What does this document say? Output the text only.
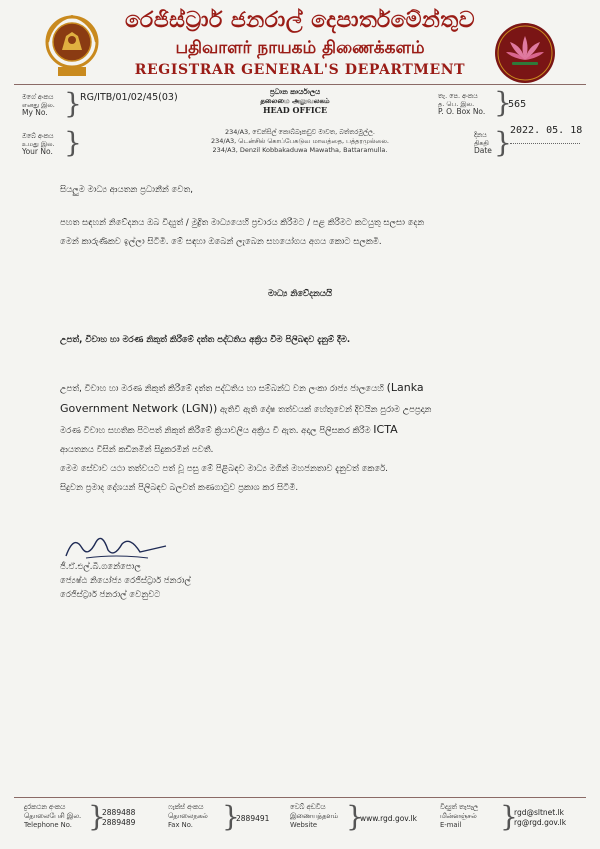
රෙජිස්ට්‍රාර් ජනරාල් දෙපාර්තමේන්තුව
பதிவாளர் நாயகம் திணைக்களம்
REGISTRAR GENERAL'S DEPARTMENT
මගේ අංකය
எனது இல.
My No. }
RG/ITB/01/02/45(03)	ප්‍රධාන කාර්යාලය
தலைமை அலுவலகம்
HEAD OFFICE
234/A3, ඩෙන්සිල් කොබ්බෑකඩුව මාවත, බත්තරමුල්ල.
234/A3, டென்சில் கொப்பேகடுவ மாவத்தை, பத்தரமுல்லை.
234/A3, Denzil Kobbakaduwa Mawatha, Battaramulla.
තැ. පෙ. අංකය
த. பெ. இல.
P. O. Box No. }
565
ඔබේ අංකය
உமது இல.
Your No. }	දිනය
திகதி
Date }
2022. 05. 18
සියලුම මාධ්‍ය ආයතන ප්‍රධානීන් වෙත,
පහත සඳහන් නිවේදනය ඔබ විද්‍යුත් / මුද්‍රිත මාධ්‍යයෙහි ප්‍රචාරය කිරීමට / පළ කිරීමට කටයුතු සලසා දෙන
මෙන් කාරුණිකව ඉල්ලා සිටිමි. මේ සඳහා ඔබෙන් ලැබෙන සහයෝගය අගය කොට සලකමි.
මාධ්‍ය නිවේදනයයි
උපත්, විවාහ හා මරණ නිකුත් කිරීමේ දත්ත පද්ධතිය අක්‍රිය වීම පිලිබඳව දැනුම් දීම.
උපත්, විවාහ හා මරණ නිකුත් කිරීමේ දත්ත පද්ධතිය හා සම්බන්ධ වන ලංකා රාජ්‍ය ජාලයෙහි (Lanka
Government Network (LGN)) ඇතිවී ඇති දෝෂ තත්වයක් හේතුවෙන් දිවයින පුරාම උපප්‍රදාන
මරණ විවාහ සහතික පිටපත් නිකුත් කිරීමේ ක්‍රියාවලිය අක්‍රිය වී ඇත. අදාල පිලිසකර කිරීම ICTA
ආයතනය විසින් කඩිනමින් සිදුකරමින් පවතී.
මෙම සේවාව යථා තත්වයට පත් වූ පසු මේ පිළිබඳව මාධ්‍ය මගින් මහජනතාව දැනුවත් කෙරේ.
සිදුවන ප්‍රමාද දෝශයන් පිලිබඳව බලවත් කණගාටුව ප්‍රකාශ කර සිටිමි.
ජී.ඒ.එල්.බී.ගනේපොල
ජ්‍යෙෂ්ඨ නියෝජ්‍ය රෙජිස්ට්‍රාර් ජනරාල්
රෙජිස්ට්‍රාර් ජනරාල් වෙනුවට
දුරකථන අංකය
தொலைபேசி இல.
Telephone No. }
2889488
2889489
ෆැක්ස් අංකය
தொலைநகல்
Fax No.	}
2889491
වෙබ් අඩවිය
இணையத்தளம்
Website	}
www.rgd.gov.lk
විද්‍යුත් තැපෑල
மின்னஞ்சல்
E-mail	}
rgd@sltnet.lk
rg@rgd.gov.lk
